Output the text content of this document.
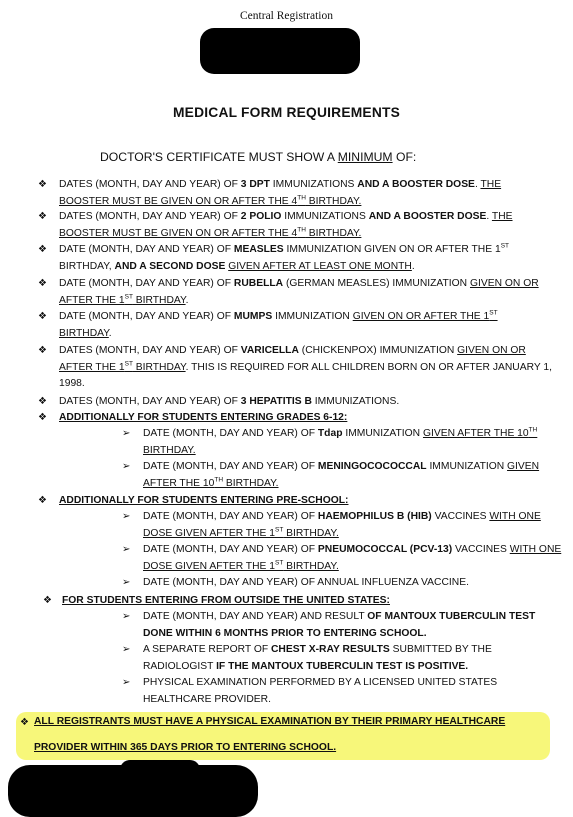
Central Registration
MEDICAL FORM REQUIREMENTS
DOCTOR'S CERTIFICATE MUST SHOW A MINIMUM OF:
❖ DATES (MONTH, DAY AND YEAR) OF 3 DPT IMMUNIZATIONS AND A BOOSTER DOSE. THE BOOSTER MUST BE GIVEN ON OR AFTER THE 4TH BIRTHDAY.
❖ DATES (MONTH, DAY AND YEAR) OF 2 POLIO IMMUNIZATIONS AND A BOOSTER DOSE. THE BOOSTER MUST BE GIVEN ON OR AFTER THE 4TH BIRTHDAY.
❖ DATE (MONTH, DAY AND YEAR) OF MEASLES IMMUNIZATION GIVEN ON OR AFTER THE 1ST BIRTHDAY, AND A SECOND DOSE GIVEN AFTER AT LEAST ONE MONTH.
❖ DATE (MONTH, DAY AND YEAR) OF RUBELLA (GERMAN MEASLES) IMMUNIZATION GIVEN ON OR AFTER THE 1ST BIRTHDAY.
❖ DATE (MONTH, DAY AND YEAR) OF MUMPS IMMUNIZATION GIVEN ON OR AFTER THE 1ST BIRTHDAY.
❖ DATES (MONTH, DAY AND YEAR) OF VARICELLA (CHICKENPOX) IMMUNIZATION GIVEN ON OR AFTER THE 1ST BIRTHDAY. THIS IS REQUIRED FOR ALL CHILDREN BORN ON OR AFTER JANUARY 1, 1998.
❖ DATES (MONTH, DAY AND YEAR) OF 3 HEPATITIS B IMMUNIZATIONS.
❖ ADDITIONALLY FOR STUDENTS ENTERING GRADES 6-12:
➢ DATE (MONTH, DAY AND YEAR) OF Tdap IMMUNIZATION GIVEN AFTER THE 10TH BIRTHDAY.
➢ DATE (MONTH, DAY AND YEAR) OF MENINGOCOCOCCAL IMMUNIZATION GIVEN AFTER THE 10TH BIRTHDAY.
❖ ADDITIONALLY FOR STUDENTS ENTERING PRE-SCHOOL:
➢ DATE (MONTH, DAY AND YEAR) OF HAEMOPHILUS B (HIB) VACCINES WITH ONE DOSE GIVEN AFTER THE 1ST BIRTHDAY.
➢ DATE (MONTH, DAY AND YEAR) OF PNEUMOCOCCAL (PCV-13) VACCINES WITH ONE DOSE GIVEN AFTER THE 1ST BIRTHDAY.
➢ DATE (MONTH, DAY AND YEAR) OF ANNUAL INFLUENZA VACCINE.
❖ FOR STUDENTS ENTERING FROM OUTSIDE THE UNITED STATES:
➢ DATE (MONTH, DAY AND YEAR) AND RESULT OF MANTOUX TUBERCULIN TEST DONE WITHIN 6 MONTHS PRIOR TO ENTERING SCHOOL.
➢ A SEPARATE REPORT OF CHEST X-RAY RESULTS SUBMITTED BY THE RADIOLOGIST IF THE MANTOUX TUBERCULIN TEST IS POSITIVE.
➢ PHYSICAL EXAMINATION PERFORMED BY A LICENSED UNITED STATES HEALTHCARE PROVIDER.
❖ ALL REGISTRANTS MUST HAVE A PHYSICAL EXAMINATION BY THEIR PRIMARY HEALTHCARE
PROVIDER WITHIN 365 DAYS PRIOR TO ENTERING SCHOOL.
